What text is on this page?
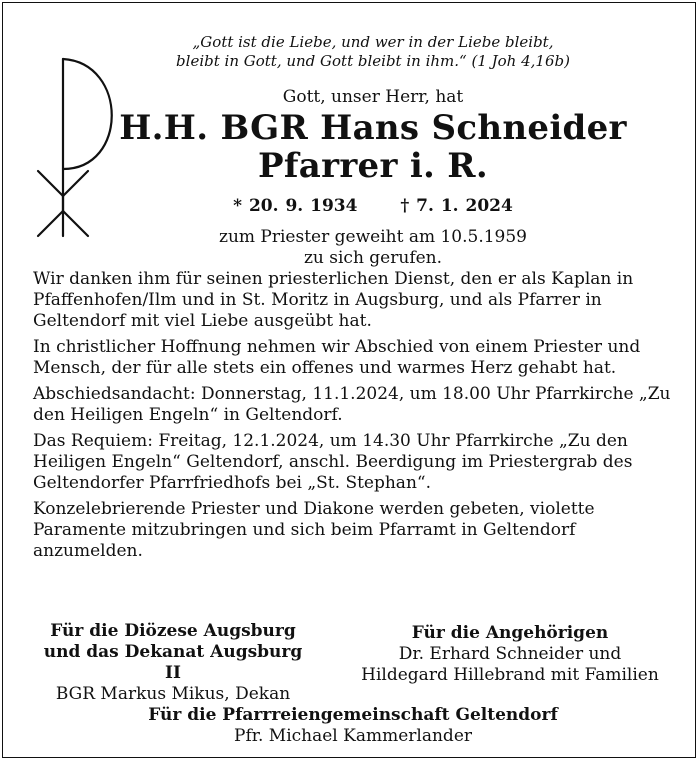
„Gott ist die Liebe, und wer in der Liebe bleibt,
bleibt in Gott, und Gott bleibt in ihm.“ (1 Joh 4,16b)
Gott, unser Herr, hat
H.H. BGR Hans Schneider
Pfarrer i. R.
* 20. 9. 1934	† 7. 1. 2024
zum Priester geweiht am 10.5.1959
zu sich gerufen.

Wir danken ihm für seinen priesterlichen Dienst, den er als Kaplan in Pfaffenhofen/Ilm und in St. Moritz in Augsburg, und als Pfarrer in Geltendorf mit viel Liebe ausgeübt hat.

In christlicher Hoffnung nehmen wir Abschied von einem Priester und Mensch, der für alle stets ein offenes und warmes Herz gehabt hat.

Abschiedsandacht: Donnerstag, 11.1.2024, um 18.00 Uhr Pfarrkirche „Zu den Heiligen Engeln“ in Geltendorf.

Das Requiem: Freitag, 12.1.2024, um 14.30 Uhr Pfarrkirche „Zu den Heiligen Engeln“ Geltendorf, anschl. Beerdigung im Priestergrab des Geltendorfer Pfarrfriedhofs bei „St. Stephan“.

Konzelebrierende Priester und Diakone werden gebeten, violette Paramente mitzubringen und sich beim Pfarramt in Geltendorf anzumelden.

Für die Diözese Augsburg
und das Dekanat Augsburg II
BGR Markus Mikus, Dekan
Für die Angehörigen
Dr. Erhard Schneider und
Hildegard Hillebrand mit Familien
Für die Pfarrreiengemeinschaft Geltendorf
Pfr. Michael Kammerlander
